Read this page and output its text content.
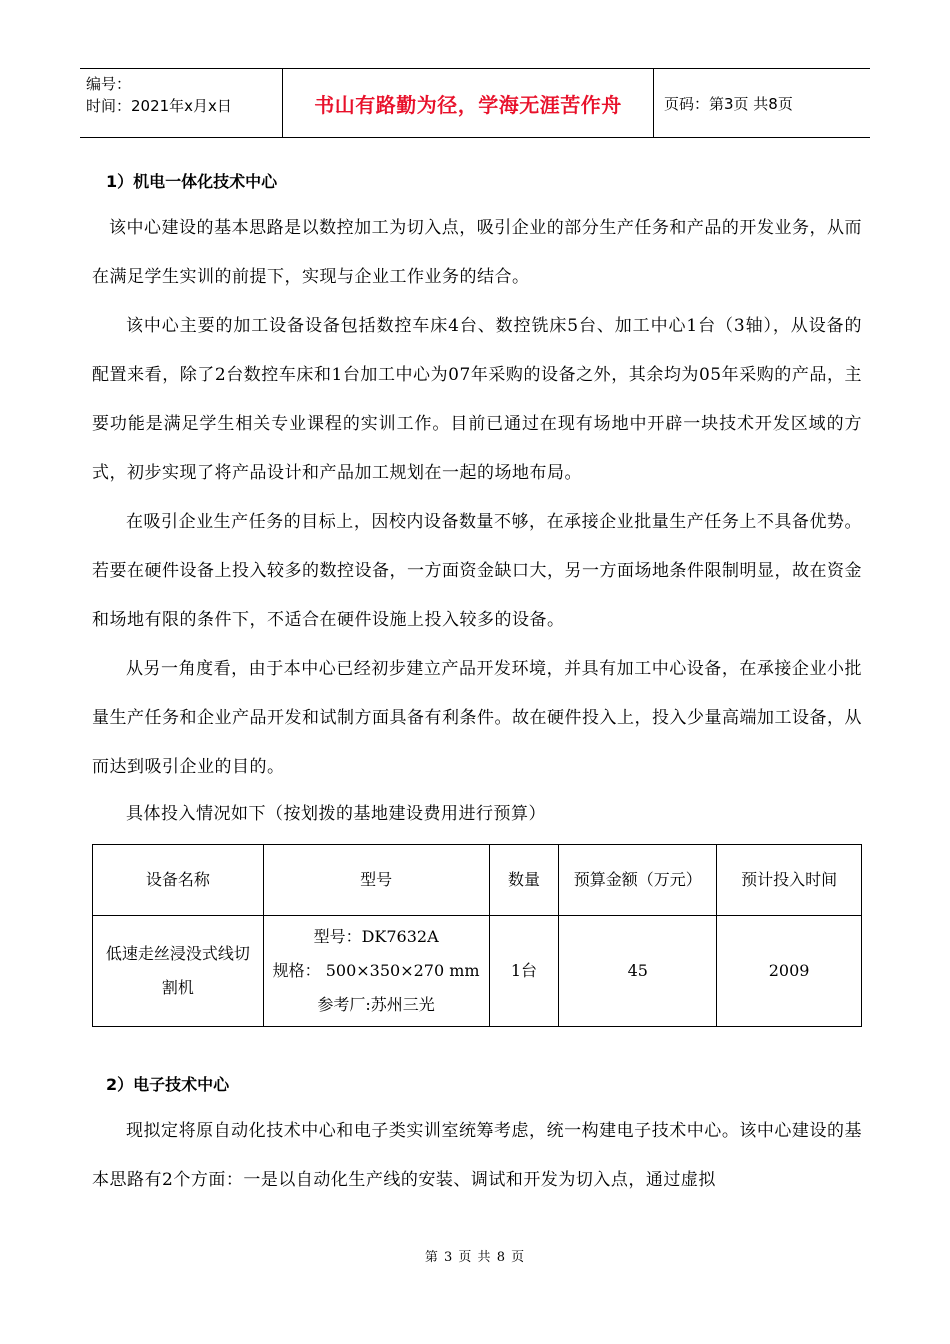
编号：
时间：2021年x月x日	书山有路勤为径，学海无涯苦作舟	页码：第3页 共8页
1）机电一体化技术中心

该中心建设的基本思路是以数控加工为切入点，吸引企业的部分生产任务和产品的开发业务，从而在满足学生实训的前提下，实现与企业工作业务的结合。

该中心主要的加工设备设备包括数控车床4台、数控铣床5台、加工中心1台（3轴），从设备的配置来看，除了2台数控车床和1台加工中心为07年采购的设备之外，其余均为05年采购的产品，主要功能是满足学生相关专业课程的实训工作。目前已通过在现有场地中开辟一块技术开发区域的方式，初步实现了将产品设计和产品加工规划在一起的场地布局。

在吸引企业生产任务的目标上，因校内设备数量不够，在承接企业批量生产任务上不具备优势。若要在硬件设备上投入较多的数控设备，一方面资金缺口大，另一方面场地条件限制明显，故在资金和场地有限的条件下，不适合在硬件设施上投入较多的设备。

从另一角度看，由于本中心已经初步建立产品开发环境，并具有加工中心设备，在承接企业小批量生产任务和企业产品开发和试制方面具备有利条件。故在硬件投入上，投入少量高端加工设备，从而达到吸引企业的目的。

具体投入情况如下（按划拨的基地建设费用进行预算）

设备名称	型号	数量	预算金额（万元）	预计投入时间
低速走丝浸没式线切割机	型号：DK7632A
规格： 500×350×270 mm
参考厂:苏州三光	1台	45	2009
2）电子技术中心

现拟定将原自动化技术中心和电子类实训室统筹考虑，统一构建电子技术中心。该中心建设的基本思路有2个方面：一是以自动化生产线的安装、调试和开发为切入点，通过虚拟

第 3 页 共 8 页
